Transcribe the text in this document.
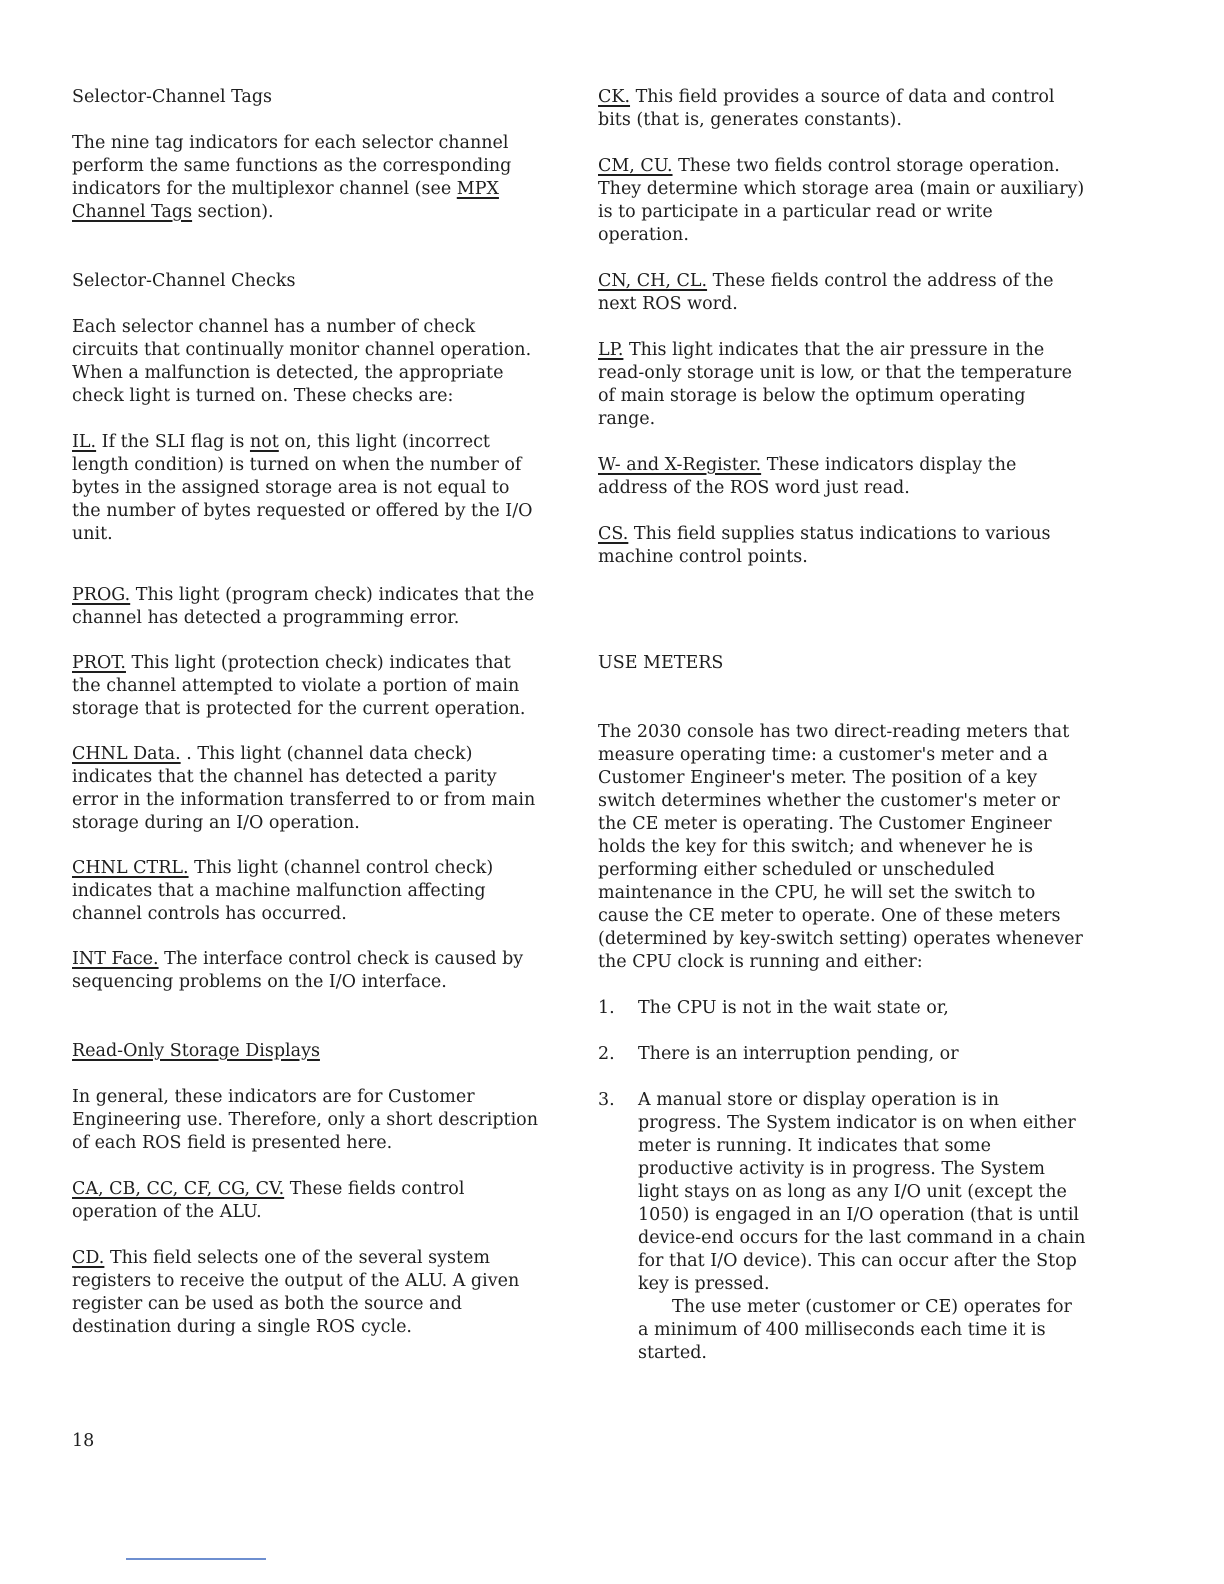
Selector-Channel Tags

The nine tag indicators for each selector channel perform the same functions as the corresponding indicators for the multiplexor channel (see MPX Channel Tags section).

Selector-Channel Checks

Each selector channel has a number of check circuits that continually monitor channel operation. When a malfunction is detected, the appropriate check light is turned on. These checks are:

IL. If the SLI flag is not on, this light (incorrect length condition) is turned on when the number of bytes in the assigned storage area is not equal to the number of bytes requested or offered by the I/O unit.

PROG. This light (program check) indicates that the channel has detected a programming error.

PROT. This light (protection check) indicates that the channel attempted to violate a portion of main storage that is protected for the current operation.

CHNL Data. . This light (channel data check) indicates that the channel has detected a parity error in the information transferred to or from main storage during an I/O operation.

CHNL CTRL. This light (channel control check) indicates that a machine malfunction affecting channel controls has occurred.

INT Face. The interface control check is caused by sequencing problems on the I/O interface.

Read-Only Storage Displays

In general, these indicators are for Customer Engineering use. Therefore, only a short description of each ROS field is presented here.

CA, CB, CC, CF, CG, CV. These fields control operation of the ALU.

CD. This field selects one of the several system registers to receive the output of the ALU. A given register can be used as both the source and destination during a single ROS cycle.

CK. This field provides a source of data and control bits (that is, generates constants).

CM, CU. These two fields control storage operation. They determine which storage area (main or auxiliary) is to participate in a particular read or write operation.

CN, CH, CL. These fields control the address of the next ROS word.

LP. This light indicates that the air pressure in the read-only storage unit is low, or that the temperature of main storage is below the optimum operating range.

W- and X-Register. These indicators display the address of the ROS word just read.

CS. This field supplies status indications to various machine control points.

USE METERS

The 2030 console has two direct-reading meters that measure operating time: a customer's meter and a Customer Engineer's meter. The position of a key switch determines whether the customer's meter or the CE meter is operating. The Customer Engineer holds the key for this switch; and whenever he is performing either scheduled or unscheduled maintenance in the CPU, he will set the switch to cause the CE meter to operate. One of these meters (determined by key-switch setting) operates whenever the CPU clock is running and either:

1. The CPU is not in the wait state or,
2. There is an interruption pending, or
3. A manual store or display operation is in progress. The System indicator is on when either meter is running. It indicates that some productive activity is in progress. The System light stays on as long as any I/O unit (except the 1050) is engaged in an I/O operation (that is until device-end occurs for the last command in a chain for that I/O device). This can occur after the Stop key is pressed.

The use meter (customer or CE) operates for a minimum of 400 milliseconds each time it is started.

18
